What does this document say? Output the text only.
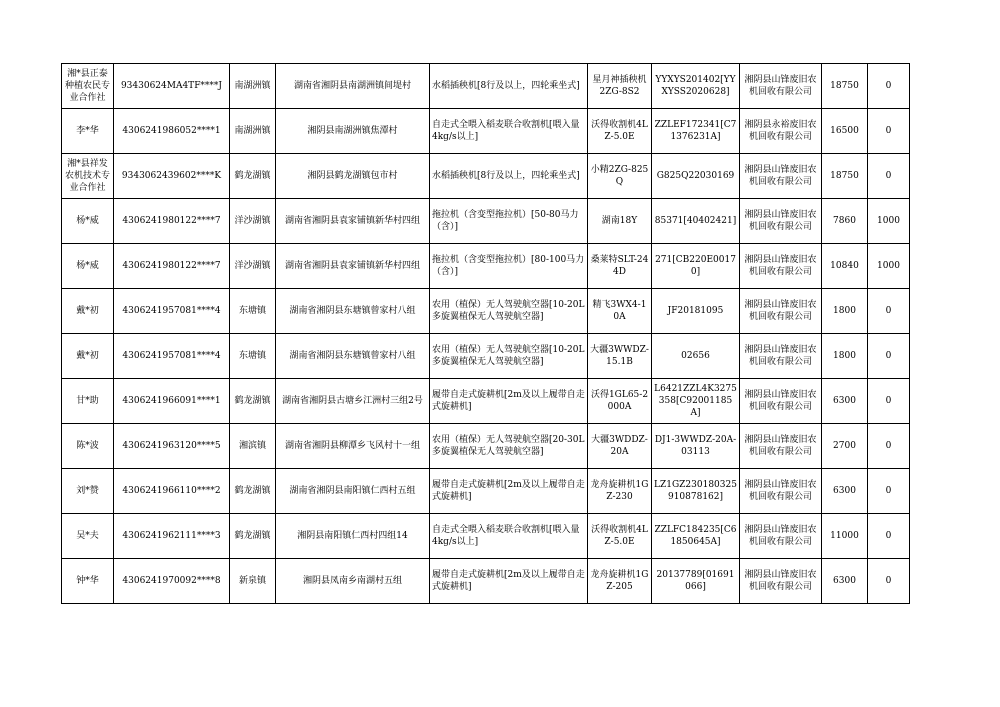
湘*县正泰种植农民专业合作社	93430624MA4TF****J	南湖洲镇	湖南省湘阴县南湖洲镇间堤村	水稻插秧机[8行及以上，四轮乘坐式]	星月神插秧机2ZG-8S2	YYXYS201402[YYXYSS2020628]	湘阴县山锋废旧农机回收有限公司	18750	0
李*华	4306241986052****1	南湖洲镇	湘阴县南湖洲镇焦潭村	自走式全喂入稻麦联合收割机[喂入量4kg/s以上]	沃得收割机4LZ-5.0E	ZZLEF172341[C71376231A]	湘阴县永裕废旧农机回收有限公司	16500	0
湘*县祥发农机技术专业合作社	9343062439602****K	鹤龙湖镇	湘阴县鹤龙湖镇包市村	水稻插秧机[8行及以上，四轮乘坐式]	小精2ZG-825Q	G825Q22030169	湘阴县山锋废旧农机回收有限公司	18750	0
杨*威	4306241980122****7	洋沙湖镇	湖南省湘阴县袁家铺镇新华村四组	拖拉机（含变型拖拉机）[50-80马力（含）]	湖南18Y	85371[40402421]	湘阴县山锋废旧农机回收有限公司	7860	1000
杨*威	4306241980122****7	洋沙湖镇	湖南省湘阴县袁家铺镇新华村四组	拖拉机（含变型拖拉机）[80-100马力（含）]	桑莱特SLT-244D	271[CB220E00170]	湘阴县山锋废旧农机回收有限公司	10840	1000
戴*初	4306241957081****4	东塘镇	湖南省湘阴县东塘镇曾家村八组	农用（植保）无人驾驶航空器[10-20L多旋翼植保无人驾驶航空器]	精飞3WX4-10A	JF20181095	湘阴县山锋废旧农机回收有限公司	1800	0
戴*初	4306241957081****4	东塘镇	湖南省湘阴县东塘镇曾家村八组	农用（植保）无人驾驶航空器[10-20L多旋翼植保无人驾驶航空器]	大疆3WWDZ-15.1B	02656	湘阴县山锋废旧农机回收有限公司	1800	0
甘*助	4306241966091****1	鹤龙湖镇	湖南省湘阴县古塘乡江洲村三组2号	履带自走式旋耕机[2m及以上履带自走式旋耕机]	沃得1GL65-2000A	L6421ZZL4K3275358[C92001185A]	湘阴县山锋废旧农机回收有限公司	6300	0
陈*波	4306241963120****5	湘滨镇	湖南省湘阴县柳潭乡飞风村十一组	农用（植保）无人驾驶航空器[20-30L多旋翼植保无人驾驶航空器]	大疆3WDDZ-20A	DJ1-3WWDZ-20A-03113	湘阴县山锋废旧农机回收有限公司	2700	0
刘*赞	4306241966110****2	鹤龙湖镇	湖南省湘阴县南阳镇仁西村五组	履带自走式旋耕机[2m及以上履带自走式旋耕机]	龙舟旋耕机1GZ-230	LZ1GZ230180325910878162]	湘阴县山锋废旧农机回收有限公司	6300	0
吴*夫	4306241962111****3	鹤龙湖镇	湘阴县南阳镇仁西村四组14	自走式全喂入稻麦联合收割机[喂入量4kg/s以上]	沃得收割机4LZ-5.0E	ZZLFC184235[C61850645A]	湘阴县山锋废旧农机回收有限公司	11000	0
钟*华	4306241970092****8	新泉镇	湘阴县凤南乡南湖村五组	履带自走式旋耕机[2m及以上履带自走式旋耕机]	龙舟旋耕机1GZ-205	20137789[01691066]	湘阴县山锋废旧农机回收有限公司	6300	0
